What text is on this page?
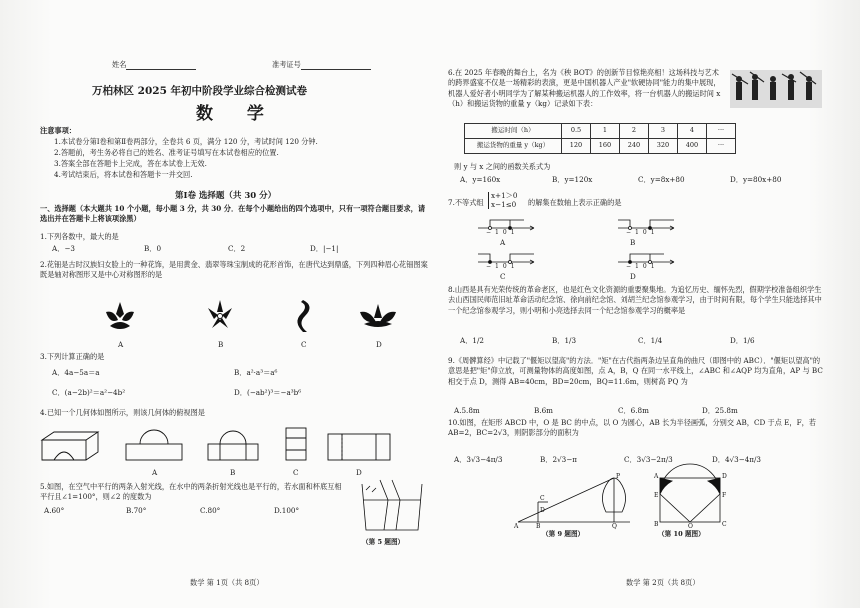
姓名	准考证号
万柏林区 2025 年初中阶段学业综合检测试卷
数 学
注意事项：
1.本试卷分第Ⅰ卷和第Ⅱ卷两部分，全卷共 6 页，满分 120 分，考试时间 120 分钟.
2.答题前，考生务必将自己的姓名、准考证号填写在本试卷相应的位置.
3.答案全部在答题卡上完成，答在本试卷上无效.
4.考试结束后，将本试卷和答题卡一并交回.
第Ⅰ卷 选择题（共 30 分）
一、选择题（本大题共 10 个小题，每小题 3 分，共 30 分．在每个小题给出的四个选项中，只有一项符合题目要求，请选出并在答题卡上将该项涂黑）
1.下列各数中，最大的是
A．−3	B．0	C．2	D．|−1|
2.花钿是古时汉族妇女脸上的一种花饰，是用黄金、翡翠等珠宝制成的花形首饰，在唐代达到鼎盛，下列四种眉心花钿图案既是轴对称图形又是中心对称图形的是
A	B	C	D
3.下列计算正确的是
A．4a−5a＝a	B．a²·a³＝a⁶
C．(a−2b)²＝a²−4b²	D．(−ab²)³＝−a³b⁶
4.已知一个几何体如图所示，则该几何体的俯视图是
A	B	C	D
5.如图，在空气中平行的两条入射光线，在水中的两条折射光线也是平行的，若水面和杯底互相平行且∠1=100°，则∠2 的度数为
A.60°	B.70°	C.80°	D.100°
（第 5 题图）
数学 第 1页（共 8页）
6.在 2025 年春晚的舞台上，名为《秧 BOT》的创新节目惊艳亮相！这场科技与艺术的跨界盛宴不仅是一场精彩的表演，更是中国机器人产业"软硬协同"能力的集中展现，机器人爱好者小明同学为了解某种搬运机器人的工作效率，将一台机器人的搬运时间 x（h）和搬运货物的重量 y（kg）记录如下表：
搬运时间（h）	0.5	1	2	3	4	···
搬运货物的重量 y（kg）	120	160	240	320	400	···
则 y 与 x 之间的函数关系式为
A．y=160x	B．y=120x	C．y=8x+80	D．y=80x+80
7.不等式组
x+1＞0
x−1≤0 的解集在数轴上表示正确的是
−101
A
−101
B
−101
C
−101
D
8.山西是具有光荣传统的革命老区，也是红色文化资源的重要聚集地。为追忆历史、缅怀先烈，假期学校准备组织学生去山西国民师范旧址革命活动纪念馆、徐向前纪念馆、刘胡兰纪念馆参观学习，由于时间有限，每个学生只能选择其中一个纪念馆参观学习，则小明和小亮选择去同一个纪念馆参观学习的概率是
A．1/2	B．1/3	C．1/4	D．1/6
9.《周髀算经》中记载了"偃矩以望高"的方法．"矩"在古代指两条边呈直角的曲尺（即图中的 ABC）．"偃矩以望高"的意思是把"矩"仰立放，可测量物体的高度如图，点 A，B，Q 在同一水平线上，∠ABC 和∠AQP 均为直角，AP 与 BC 相交于点 D，测得 AB=40cm，BD=20cm，BQ=11.6m，则树高 PQ 为
A.5.8m	B.6m	C．6.8m	D．25.8m
10.如图，在矩形 ABCD 中，O 是 BC 的中点，以 O 为圆心，AB 长为半径画弧，分别交 AB，CD 于点 E，F，若 AB=2，BC=2√3，则阴影部分的面积为
A．3√3−4π/3	B．2√3−π	C．3√3−2π/3	D．4√3−4π/3
A	B	Q
C
D
P
（第 9 题图）
A	D
E	F
B	O	C
（第 10 题图）
数学 第 2页（共 8页）
